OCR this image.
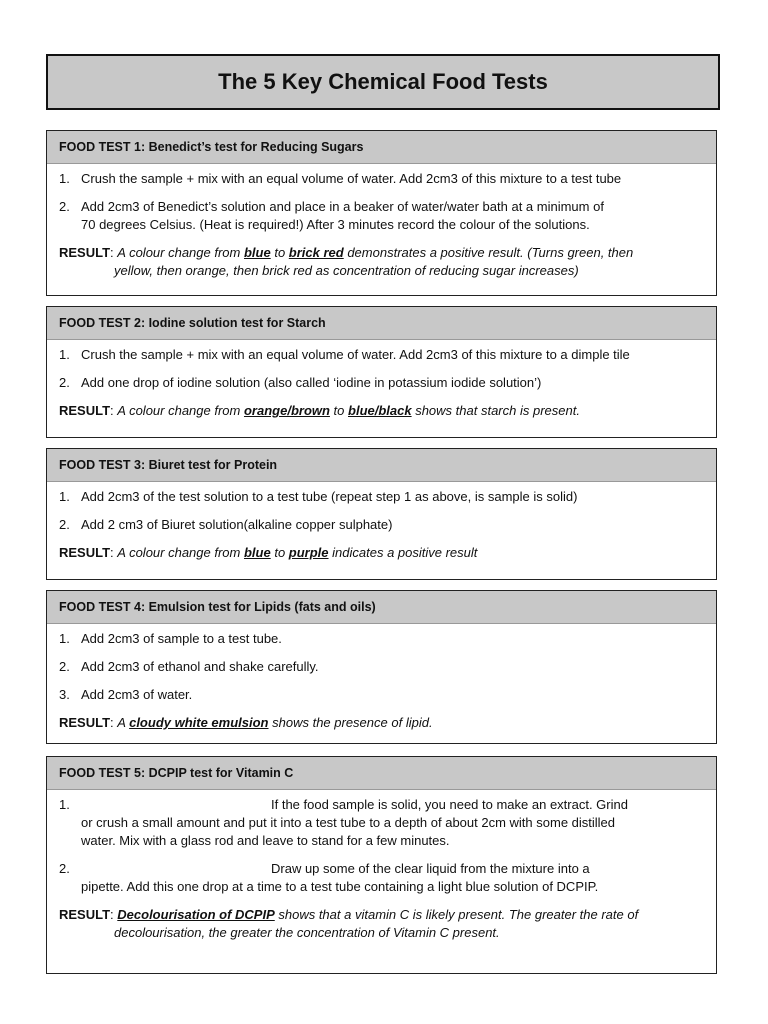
The 5 Key Chemical Food Tests
FOOD TEST 1: Benedict’s test for Reducing Sugars
1. Crush the sample + mix with an equal volume of water. Add 2cm3 of this mixture to a test tube
2. Add 2cm3 of Benedict’s solution and place in a beaker of water/water bath at a minimum of
70 degrees Celsius. (Heat is required!) After 3 minutes record the colour of the solutions.
RESULT: A colour change from blue to brick red demonstrates a positive result. (Turns green, then
yellow, then orange, then brick red as concentration of reducing sugar increases)
FOOD TEST 2: Iodine solution test for Starch
1. Crush the sample + mix with an equal volume of water. Add 2cm3 of this mixture to a dimple tile
2. Add one drop of iodine solution (also called ‘iodine in potassium iodide solution’)
RESULT: A colour change from orange/brown to blue/black shows that starch is present.
FOOD TEST 3: Biuret test for Protein
1. Add 2cm3 of the test solution to a test tube (repeat step 1 as above, is sample is solid)
2. Add 2 cm3 of Biuret solution(alkaline copper sulphate)
RESULT: A colour change from blue to purple indicates a positive result
FOOD TEST 4: Emulsion test for Lipids (fats and oils)
1. Add 2cm3 of sample to a test tube.
2. Add 2cm3 of ethanol and shake carefully.
3. Add 2cm3 of water.
RESULT: A cloudy white emulsion shows the presence of lipid.
FOOD TEST 5: DCPIP test for Vitamin C
1.	If the food sample is solid, you need to make an extract. Grind
or crush a small amount and put it into a test tube to a depth of about 2cm with some distilled
water. Mix with a glass rod and leave to stand for a few minutes.
2.	Draw up some of the clear liquid from the mixture into a
pipette. Add this one drop at a time to a test tube containing a light blue solution of DCPIP.
RESULT: Decolourisation of DCPIP shows that a vitamin C is likely present. The greater the rate of
decolourisation, the greater the concentration of Vitamin C present.
